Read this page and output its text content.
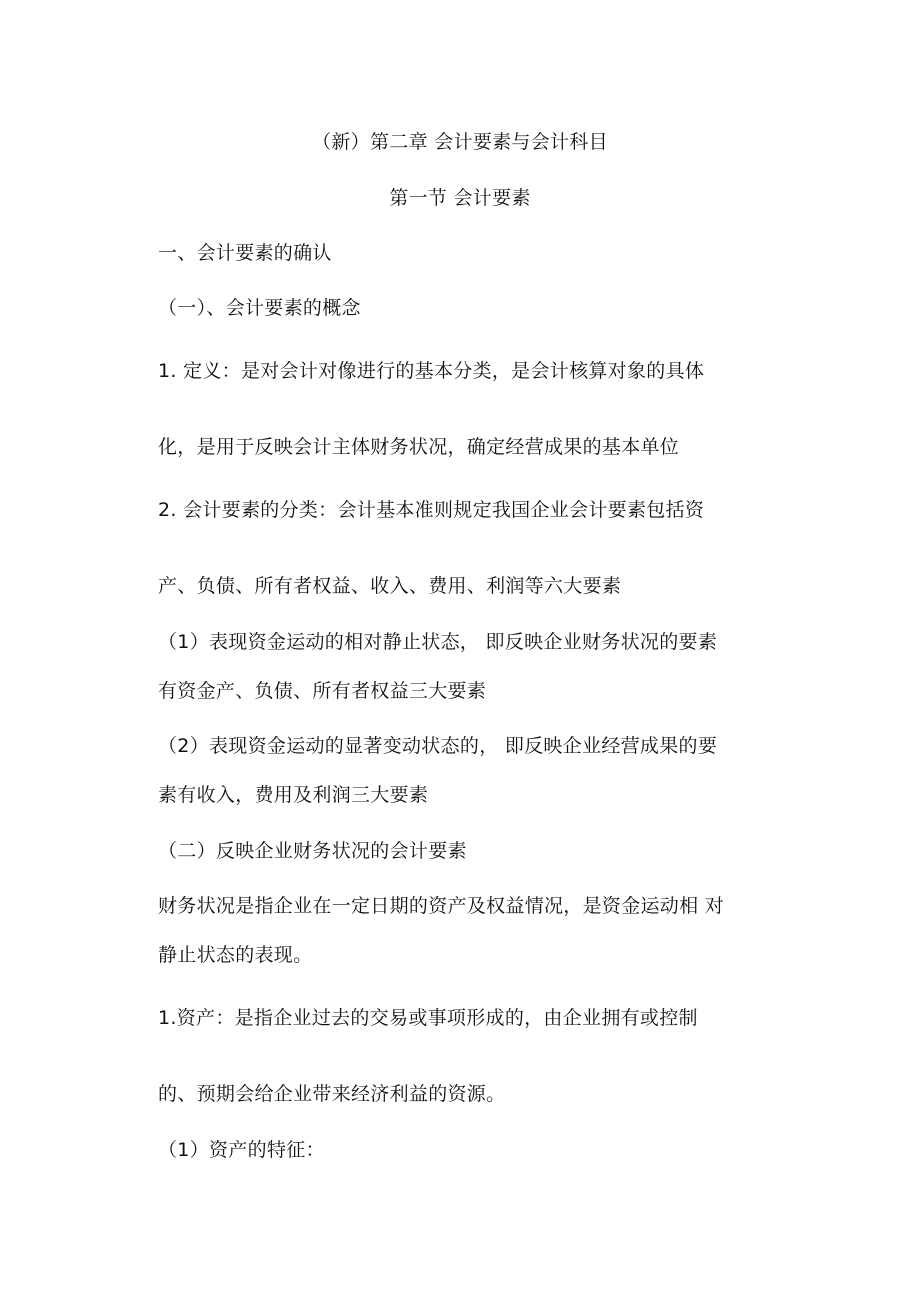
（新）第二章 会计要素与会计科目
第一节 会计要素
一、会计要素的确认
（一）、会计要素的概念
1. 定义：是对会计对像进行的基本分类，是会计核算对象的具体
化，是用于反映会计主体财务状况，确定经营成果的基本单位
2. 会计要素的分类：会计基本准则规定我国企业会计要素包括资
产、负债、所有者权益、收入、费用、利润等六大要素
（1）表现资金运动的相对静止状态， 即反映企业财务状况的要素
有资金产、负债、所有者权益三大要素
（2）表现资金运动的显著变动状态的， 即反映企业经营成果的要
素有收入，费用及利润三大要素
（二）反映企业财务状况的会计要素
财务状况是指企业在一定日期的资产及权益情况，是资金运动相 对
静止状态的表现。
1.资产：是指企业过去的交易或事项形成的，由企业拥有或控制
的、预期会给企业带来经济利益的资源。
（1）资产的特征：
